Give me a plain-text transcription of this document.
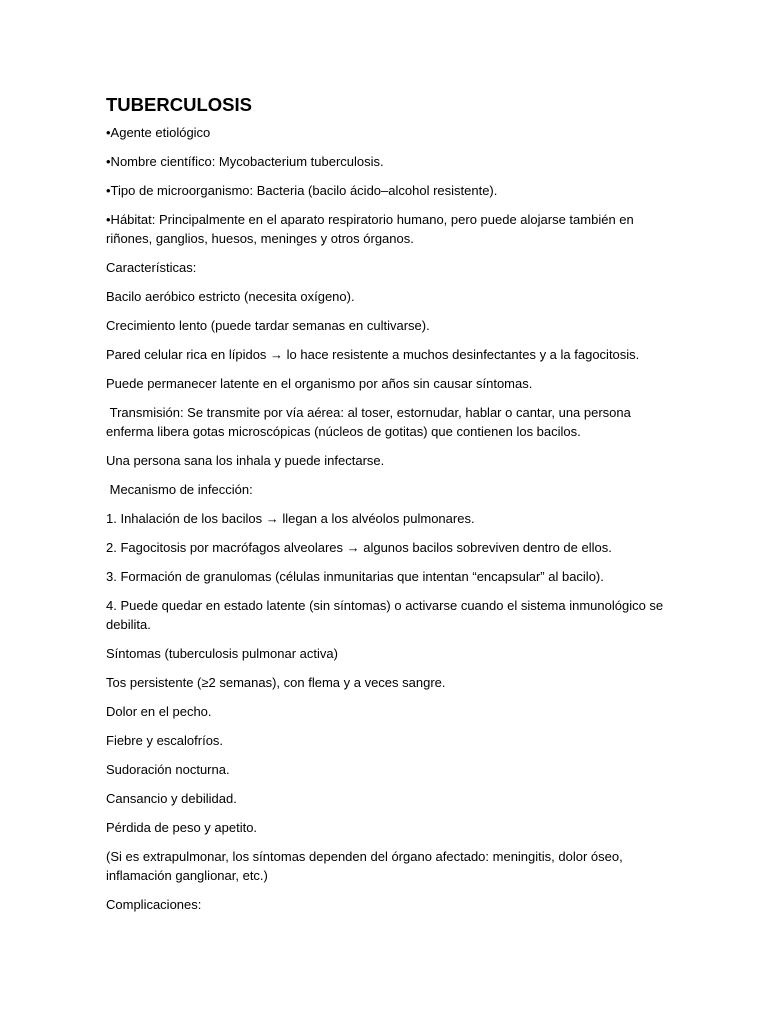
TUBERCULOSIS

•Agente etiológico

•Nombre científico: Mycobacterium tuberculosis.

•Tipo de microorganismo: Bacteria (bacilo ácido–alcohol resistente).

•Hábitat: Principalmente en el aparato respiratorio humano, pero puede alojarse también en riñones, ganglios, huesos, meninges y otros órganos.

Características:

Bacilo aeróbico estricto (necesita oxígeno).

Crecimiento lento (puede tardar semanas en cultivarse).

Pared celular rica en lípidos → lo hace resistente a muchos desinfectantes y a la fagocitosis.

Puede permanecer latente en el organismo por años sin causar síntomas.

Transmisión: Se transmite por vía aérea: al toser, estornudar, hablar o cantar, una persona enferma libera gotas microscópicas (núcleos de gotitas) que contienen los bacilos.

Una persona sana los inhala y puede infectarse.

Mecanismo de infección:

1. Inhalación de los bacilos → llegan a los alvéolos pulmonares.

2. Fagocitosis por macrófagos alveolares → algunos bacilos sobreviven dentro de ellos.

3. Formación de granulomas (células inmunitarias que intentan “encapsular” al bacilo).

4. Puede quedar en estado latente (sin síntomas) o activarse cuando el sistema inmunológico se debilita.

Síntomas (tuberculosis pulmonar activa)

Tos persistente (≥2 semanas), con flema y a veces sangre.

Dolor en el pecho.

Fiebre y escalofríos.

Sudoración nocturna.

Cansancio y debilidad.

Pérdida de peso y apetito.

(Si es extrapulmonar, los síntomas dependen del órgano afectado: meningitis, dolor óseo, inflamación ganglionar, etc.)

Complicaciones:
